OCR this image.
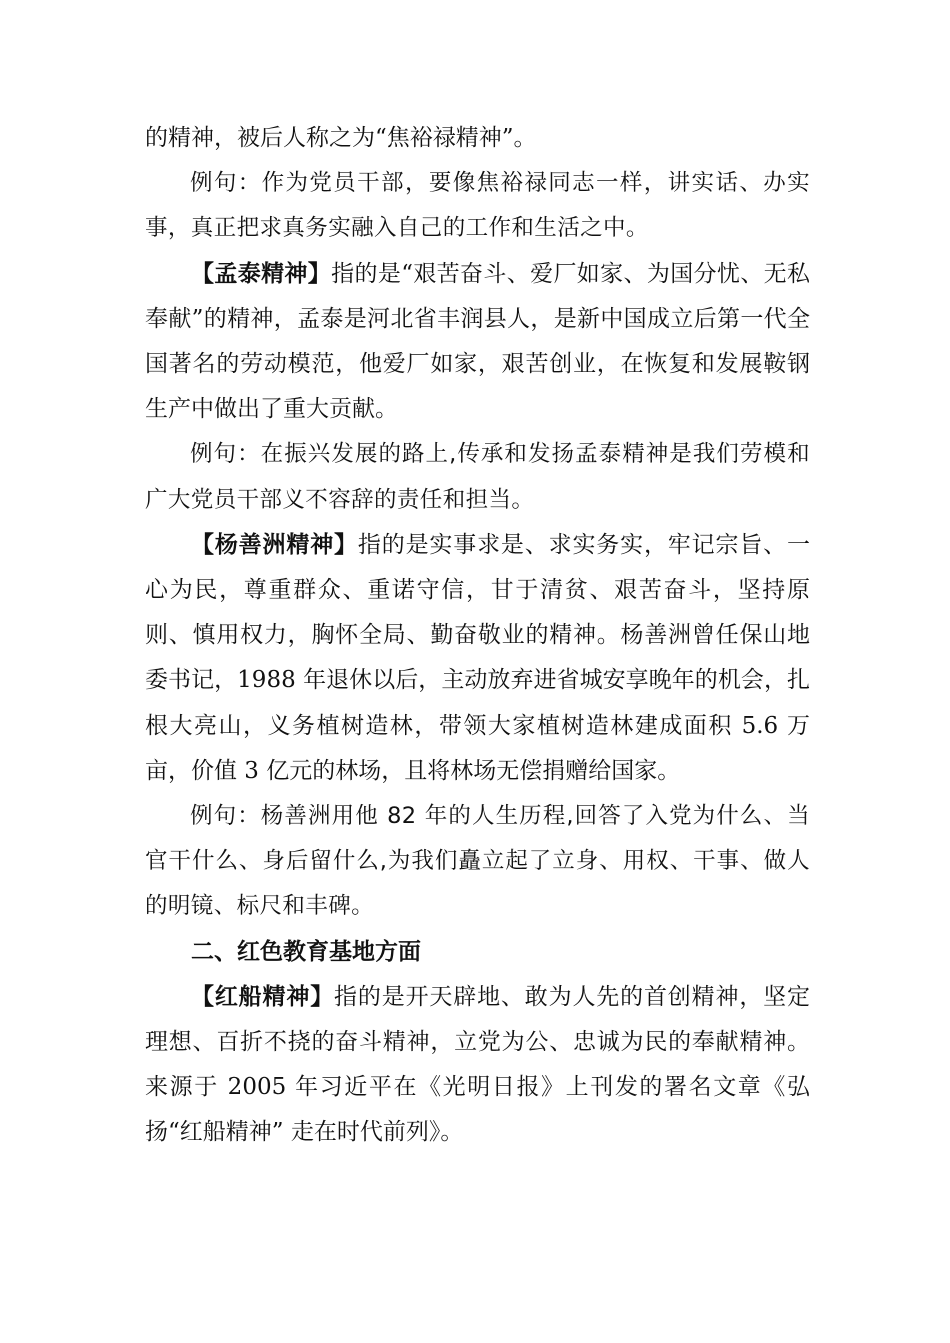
的精神，被后人称之为“焦裕禄精神”。

例句：作为党员干部，要像焦裕禄同志一样，讲实话、办实事，真正把求真务实融入自己的工作和生活之中。

【孟泰精神】指的是“艰苦奋斗、爱厂如家、为国分忧、无私奉献”的精神，孟泰是河北省丰润县人，是新中国成立后第一代全国著名的劳动模范，他爱厂如家，艰苦创业，在恢复和发展鞍钢生产中做出了重大贡献。

例句：在振兴发展的路上,传承和发扬孟泰精神是我们劳模和广大党员干部义不容辞的责任和担当。

【杨善洲精神】指的是实事求是、求实务实，牢记宗旨、一心为民，尊重群众、重诺守信，甘于清贫、艰苦奋斗，坚持原则、慎用权力，胸怀全局、勤奋敬业的精神。杨善洲曾任保山地委书记，1988 年退休以后，主动放弃进省城安享晚年的机会，扎根大亮山，义务植树造林，带领大家植树造林建成面积 5.6 万亩，价值 3 亿元的林场，且将林场无偿捐赠给国家。

例句：杨善洲用他 82 年的人生历程,回答了入党为什么、当官干什么、身后留什么,为我们矗立起了立身、用权、干事、做人的明镜、标尺和丰碑。

二、红色教育基地方面

【红船精神】指的是开天辟地、敢为人先的首创精神，坚定理想、百折不挠的奋斗精神，立党为公、忠诚为民的奉献精神。来源于 2005 年习近平在《光明日报》上刊发的署名文章《弘扬“红船精神” 走在时代前列》。
